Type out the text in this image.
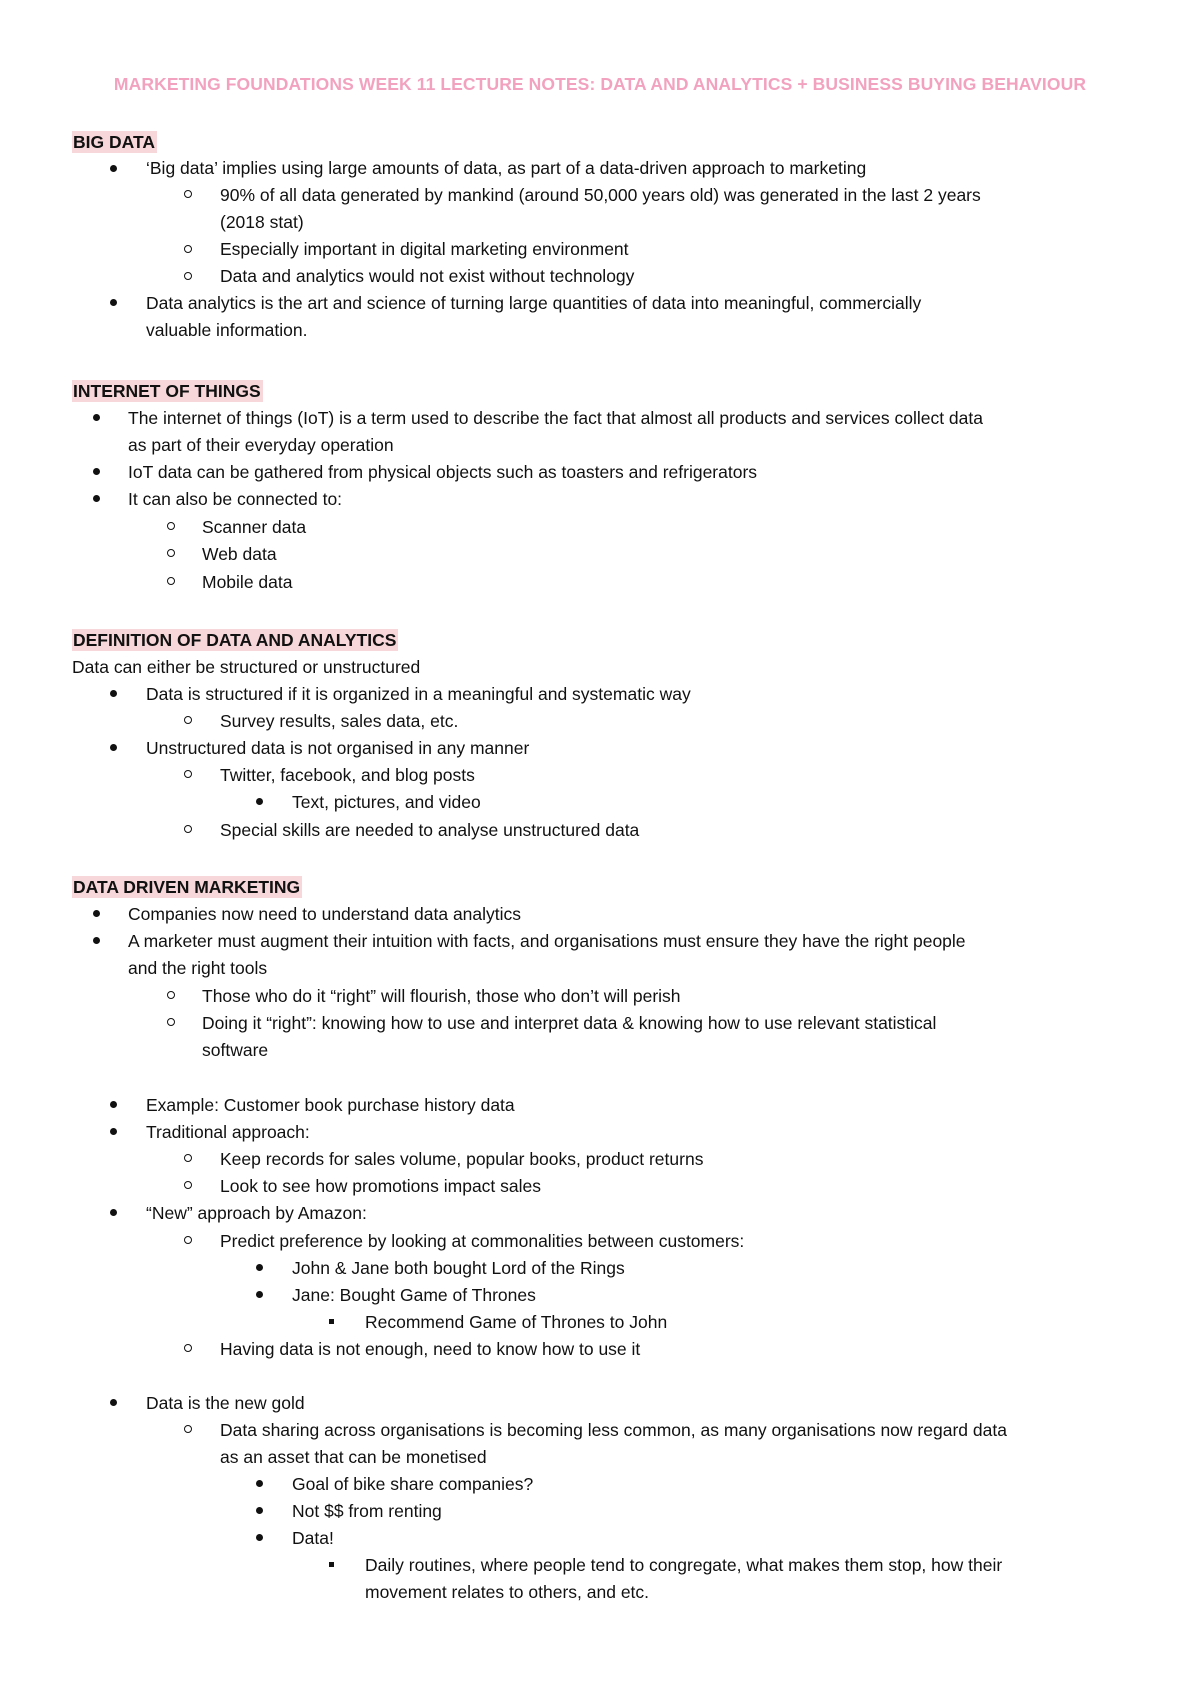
MARKETING FOUNDATIONS WEEK 11 LECTURE NOTES: DATA AND ANALYTICS + BUSINESS BUYING BEHAVIOUR
BIG DATA
‘Big data’ implies using large amounts of data, as part of a data-driven approach to marketing
90% of all data generated by mankind (around 50,000 years old) was generated in the last 2 years
(2018 stat)
Especially important in digital marketing environment
Data and analytics would not exist without technology
Data analytics is the art and science of turning large quantities of data into meaningful, commercially
valuable information.
INTERNET OF THINGS
The internet of things (IoT) is a term used to describe the fact that almost all products and services collect data
as part of their everyday operation
IoT data can be gathered from physical objects such as toasters and refrigerators
It can also be connected to:
Scanner data
Web data
Mobile data
DEFINITION OF DATA AND ANALYTICS
Data can either be structured or unstructured
Data is structured if it is organized in a meaningful and systematic way
Survey results, sales data, etc.
Unstructured data is not organised in any manner
Twitter, facebook, and blog posts
Text, pictures, and video
Special skills are needed to analyse unstructured data
DATA DRIVEN MARKETING
Companies now need to understand data analytics
A marketer must augment their intuition with facts, and organisations must ensure they have the right people
and the right tools
Those who do it “right” will flourish, those who don’t will perish
Doing it “right”: knowing how to use and interpret data & knowing how to use relevant statistical
software
Example: Customer book purchase history data
Traditional approach:
Keep records for sales volume, popular books, product returns
Look to see how promotions impact sales
“New” approach by Amazon:
Predict preference by looking at commonalities between customers:
John & Jane both bought Lord of the Rings
Jane: Bought Game of Thrones
Recommend Game of Thrones to John
Having data is not enough, need to know how to use it
Data is the new gold
Data sharing across organisations is becoming less common, as many organisations now regard data
as an asset that can be monetised
Goal of bike share companies?
Not $$ from renting
Data!
Daily routines, where people tend to congregate, what makes them stop, how their
movement relates to others, and etc.
